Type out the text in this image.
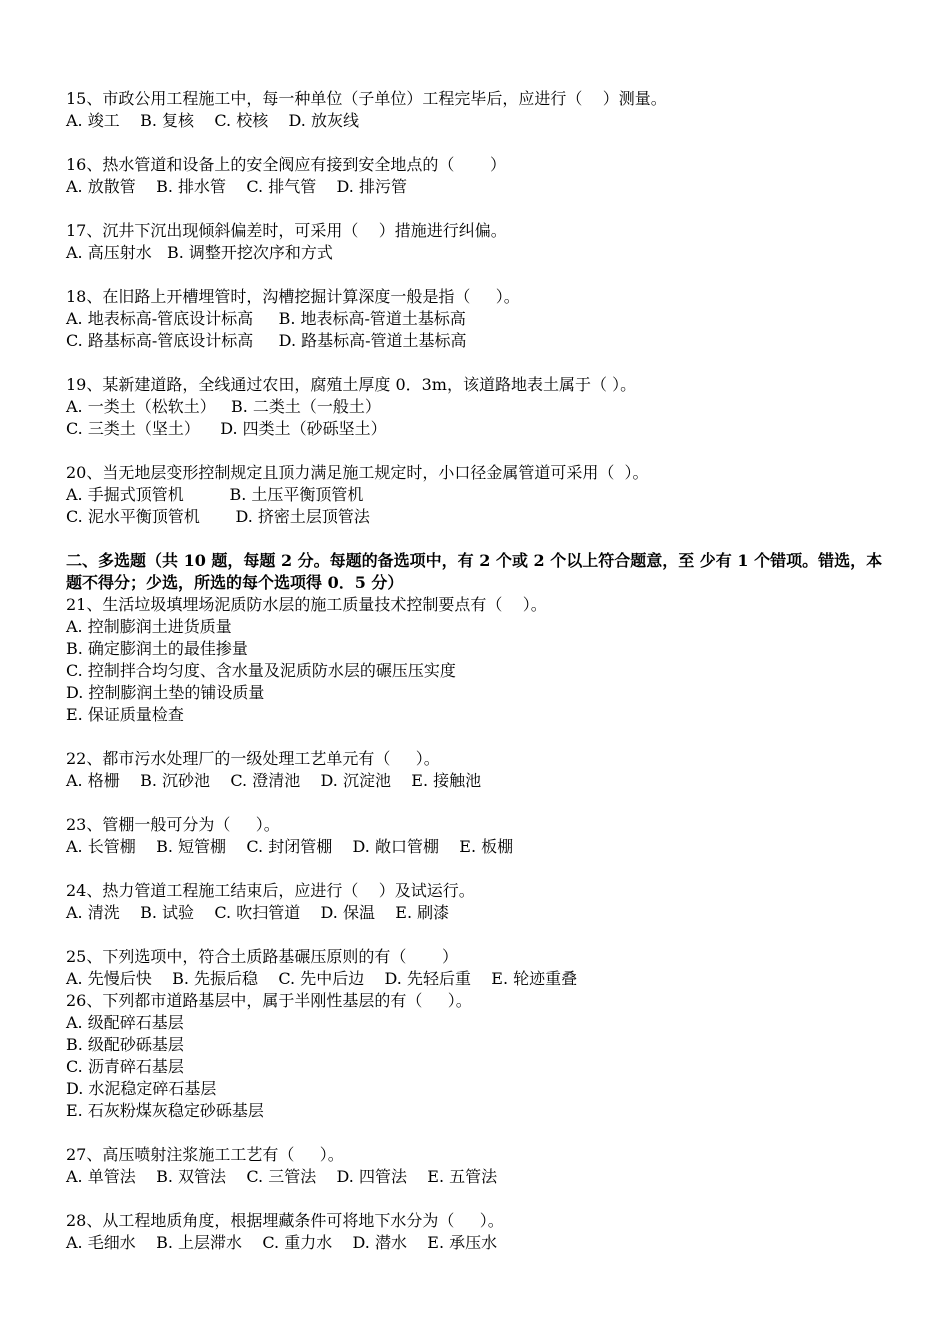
15、市政公用工程施工中，每一种单位（子单位）工程完毕后，应进行（    ）测量。
A. 竣工    B. 复核    C. 校核    D. 放灰线
16、热水管道和设备上的安全阀应有接到安全地点的（       ）
A. 放散管    B. 排水管    C. 排气管    D. 排污管
17、沉井下沉出现倾斜偏差时，可采用（    ）措施进行纠偏。
A. 高压射水   B. 调整开挖次序和方式
18、在旧路上开槽埋管时，沟槽挖掘计算深度一般是指（     ）。
A. 地表标高-管底设计标高     B. 地表标高-管道土基标高
C. 路基标高-管底设计标高     D. 路基标高-管道土基标高
19、某新建道路，全线通过农田，腐殖土厚度 0．3m，该道路地表土属于（ ）。
A. 一类土（松软土）   B. 二类土（一般土）
C. 三类土（坚土）    D. 四类土（砂砾坚土）
20、当无地层变形控制规定且顶力满足施工规定时，小口径金属管道可采用（  ）。
A. 手掘式顶管机         B. 土压平衡顶管机
C. 泥水平衡顶管机       D. 挤密土层顶管法
二、多选题（共 10 题，每题 2 分。每题的备选项中，有 2 个或 2 个以上符合题意，至 少有 1 个错项。错选，本题不得分；少选，所选的每个选项得 0．5 分）
21、生活垃圾填埋场泥质防水层的施工质量技术控制要点有（    ）。
A. 控制膨润土进货质量
B. 确定膨润土的最佳掺量
C. 控制拌合均匀度、含水量及泥质防水层的碾压压实度
D. 控制膨润土垫的铺设质量
E. 保证质量检查
22、都市污水处理厂的一级处理工艺单元有（     ）。
A. 格栅    B. 沉砂池    C. 澄清池    D. 沉淀池    E. 接触池
23、管棚一般可分为（     ）。
A. 长管棚    B. 短管棚    C. 封闭管棚    D. 敞口管棚    E. 板棚
24、热力管道工程施工结束后，应进行（    ）及试运行。
A. 清洗    B. 试验    C. 吹扫管道    D. 保温    E. 刷漆
25、下列选项中，符合土质路基碾压原则的有（       ）
A. 先慢后快    B. 先振后稳    C. 先中后边    D. 先轻后重    E. 轮迹重叠
26、下列都市道路基层中，属于半刚性基层的有（     ）。
A. 级配碎石基层
B. 级配砂砾基层
C. 沥青碎石基层
D. 水泥稳定碎石基层
E. 石灰粉煤灰稳定砂砾基层
27、高压喷射注浆施工工艺有（     ）。
A. 单管法    B. 双管法    C. 三管法    D. 四管法    E. 五管法
28、从工程地质角度，根据埋藏条件可将地下水分为（     ）。
A. 毛细水    B. 上层滞水    C. 重力水    D. 潜水    E. 承压水
